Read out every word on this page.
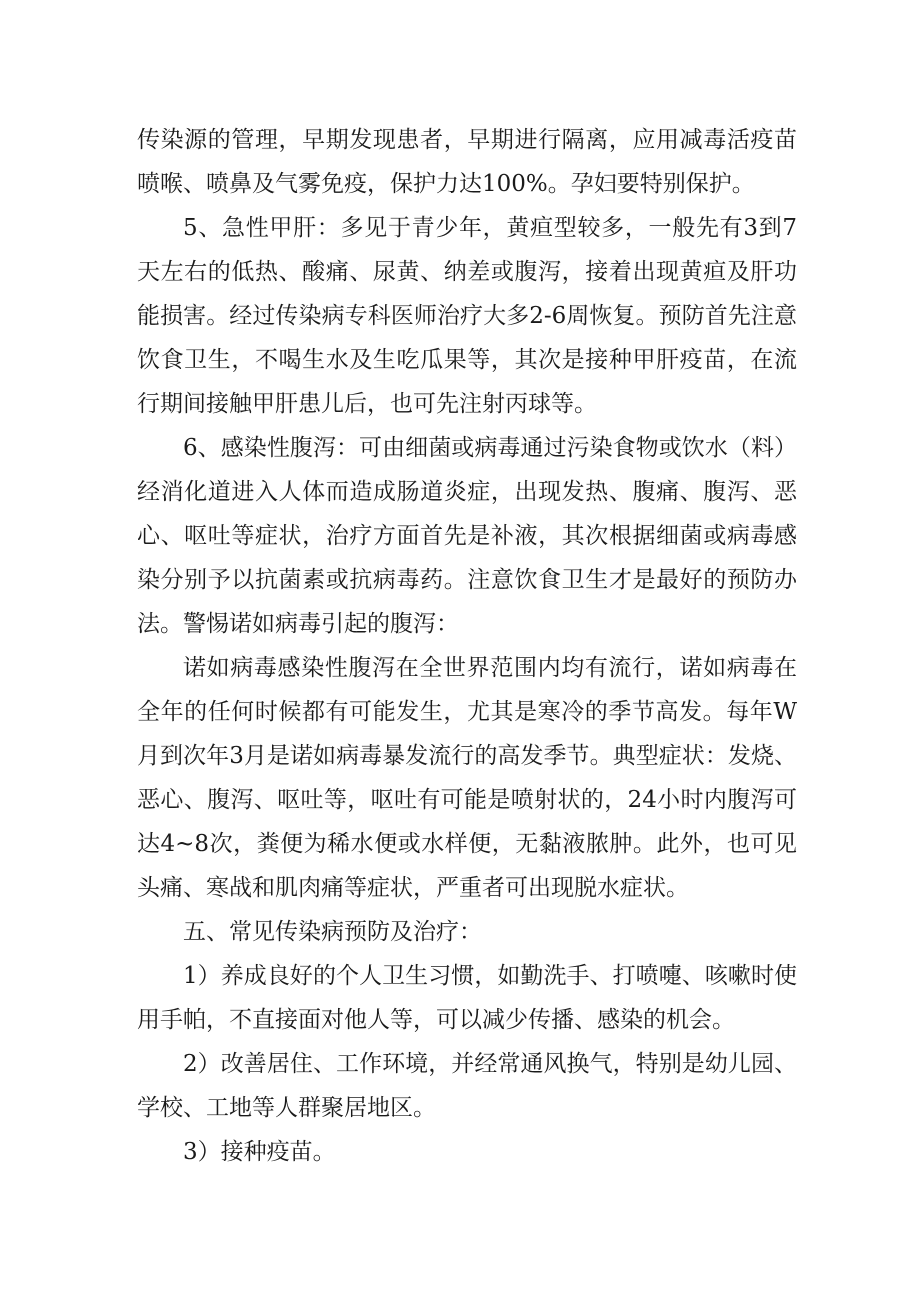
传染源的管理，早期发现患者，早期进行隔离，应用减毒活疫苗喷喉、喷鼻及气雾免疫，保护力达100%。孕妇要特别保护。

5、急性甲肝：多见于青少年，黄疸型较多，一般先有3到7天左右的低热、酸痛、尿黄、纳差或腹泻，接着出现黄疸及肝功能损害。经过传染病专科医师治疗大多2-6周恢复。预防首先注意饮食卫生，不喝生水及生吃瓜果等，其次是接种甲肝疫苗，在流行期间接触甲肝患儿后，也可先注射丙球等。

6、感染性腹泻：可由细菌或病毒通过污染食物或饮水（料）经消化道进入人体而造成肠道炎症，出现发热、腹痛、腹泻、恶心、呕吐等症状，治疗方面首先是补液，其次根据细菌或病毒感染分别予以抗菌素或抗病毒药。注意饮食卫生才是最好的预防办法。警惕诺如病毒引起的腹泻：

诺如病毒感染性腹泻在全世界范围内均有流行，诺如病毒在全年的任何时候都有可能发生，尤其是寒冷的季节高发。每年W月到次年3月是诺如病毒暴发流行的高发季节。典型症状：发烧、恶心、腹泻、呕吐等，呕吐有可能是喷射状的，24小时内腹泻可达4~8次，粪便为稀水便或水样便，无黏液脓肿。此外，也可见头痛、寒战和肌肉痛等症状，严重者可出现脱水症状。

五、常见传染病预防及治疗：

1）养成良好的个人卫生习惯，如勤洗手、打喷嚏、咳嗽时使用手帕，不直接面对他人等，可以减少传播、感染的机会。

2）改善居住、工作环境，并经常通风换气，特别是幼儿园、学校、工地等人群聚居地区。

3）接种疫苗。
